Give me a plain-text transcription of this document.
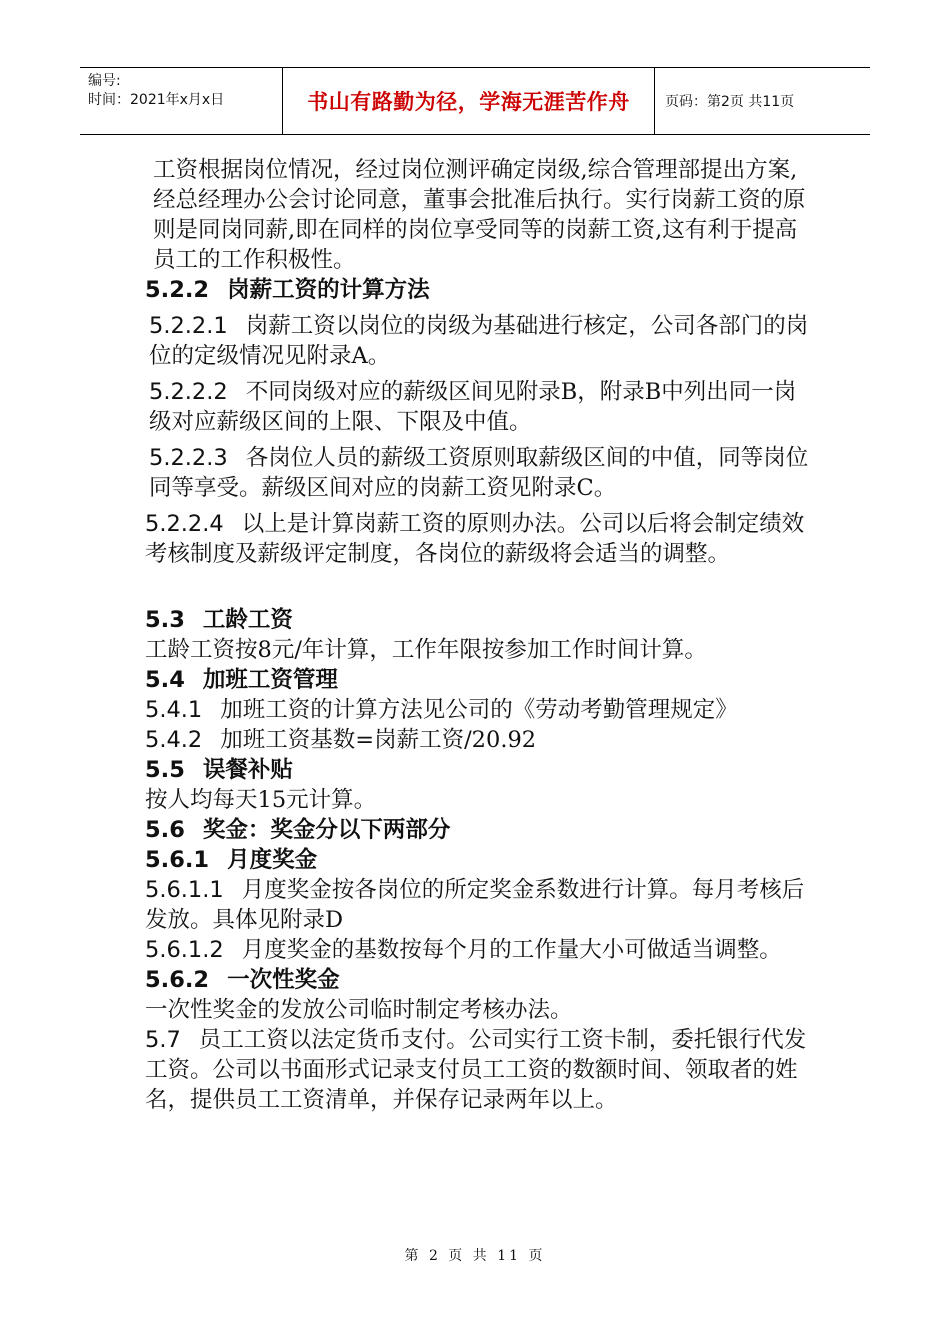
编号:
时间：2021年x月x日	书山有路勤为径，学海无涯苦作舟	页码：第2页 共11页

工资根据岗位情况，经过岗位测评确定岗级,综合管理部提出方案,经总经理办公会讨论同意，董事会批准后执行。实行岗薪工资的原则是同岗同薪,即在同样的岗位享受同等的岗薪工资,这有利于提高员工的工作积极性。

5.2.2 岗薪工资的计算方法

5.2.2.1 岗薪工资以岗位的岗级为基础进行核定，公司各部门的岗位的定级情况见附录A。

5.2.2.2 不同岗级对应的薪级区间见附录B，附录B中列出同一岗级对应薪级区间的上限、下限及中值。

5.2.2.3 各岗位人员的薪级工资原则取薪级区间的中值，同等岗位同等享受。薪级区间对应的岗薪工资见附录C。

5.2.2.4 以上是计算岗薪工资的原则办法。公司以后将会制定绩效考核制度及薪级评定制度，各岗位的薪级将会适当的调整。

5.3 工龄工资

工龄工资按8元/年计算，工作年限按参加工作时间计算。

5.4 加班工资管理

5.4.1 加班工资的计算方法见公司的《劳动考勤管理规定》

5.4.2 加班工资基数=岗薪工资/20.92

5.5 误餐补贴

按人均每天15元计算。

5.6 奖金：奖金分以下两部分

5.6.1 月度奖金

5.6.1.1 月度奖金按各岗位的所定奖金系数进行计算。每月考核后发放。具体见附录D

5.6.1.2 月度奖金的基数按每个月的工作量大小可做适当调整。

5.6.2 一次性奖金

一次性奖金的发放公司临时制定考核办法。

5.7 员工工资以法定货币支付。公司实行工资卡制，委托银行代发工资。公司以书面形式记录支付员工工资的数额时间、领取者的姓名，提供员工工资清单，并保存记录两年以上。

第 2 页 共 11 页
